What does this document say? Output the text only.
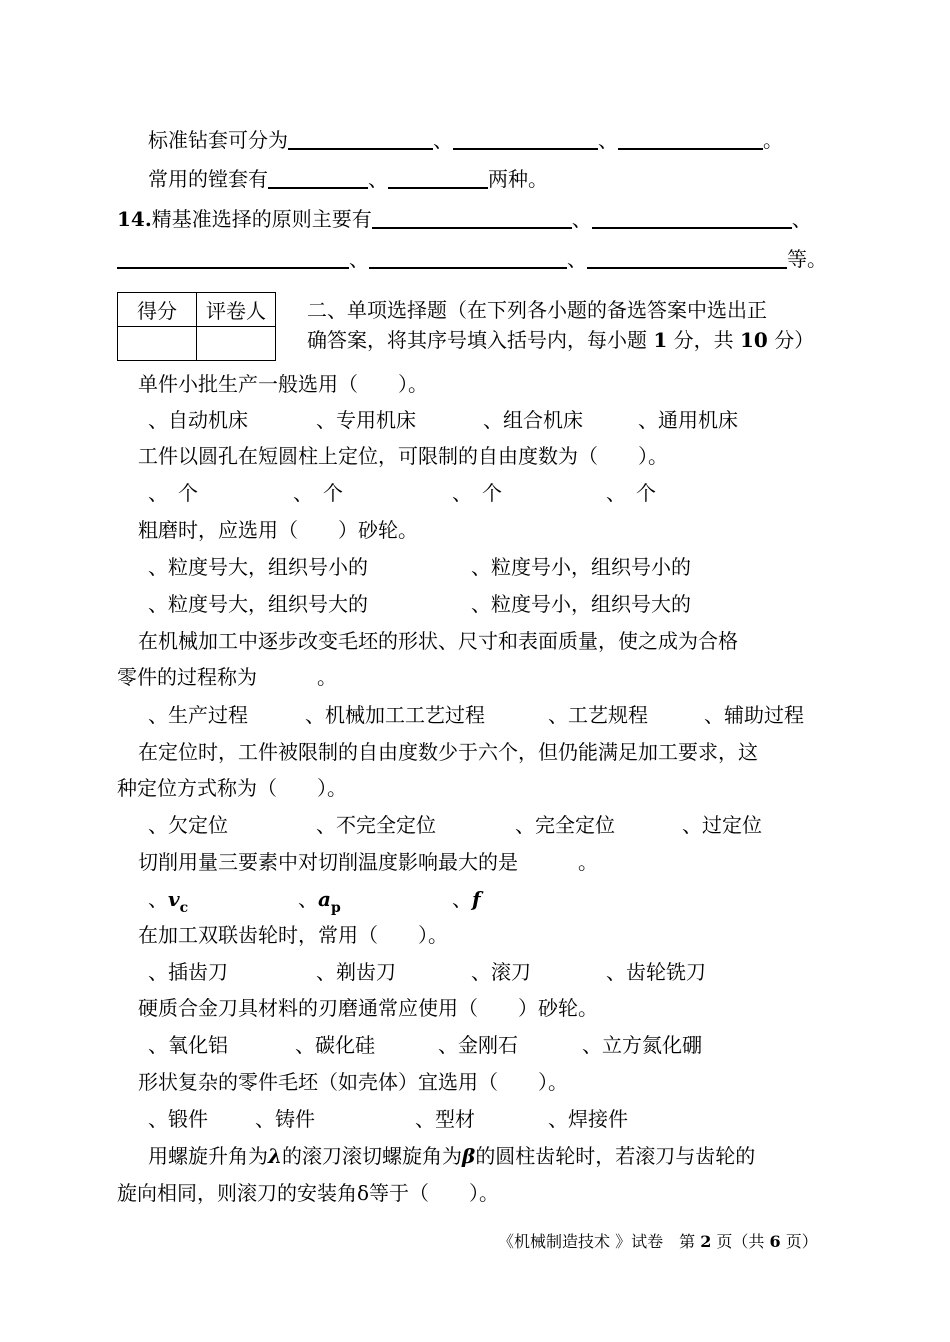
标准钻套可分为	、	、	。
常用的镗套有	、	两种。
14.精基准选择的原则主要有	、	、
、	、	等。
得分	评卷人
	二、单项选择题（在下列各小题的备选答案中选出正
确答案，将其序号填入括号内，每小题 1 分，共 10 分）
单件小批生产一般选用（　　）。
、自动机床	、专用机床	、组合机床	、通用机床
工件以圆孔在短圆柱上定位，可限制的自由度数为（　　）。
、　个	、　个	、　个	、　个
粗磨时，应选用（　　）砂轮。
、粒度号大，组织号小的	、粒度号小，组织号小的
、粒度号大，组织号大的	、粒度号小，组织号大的
在机械加工中逐步改变毛坯的形状、尺寸和表面质量，使之成为合格
零件的过程称为　　　。
、生产过程	、机械加工工艺过程	、工艺规程	、辅助过程
在定位时，工件被限制的自由度数少于六个，但仍能满足加工要求，这
种定位方式称为（　　）。
、欠定位	、不完全定位	、完全定位	、过定位
切削用量三要素中对切削温度影响最大的是　　　。
、$v_c$	、$a_p$	、f
在加工双联齿轮时，常用（　　）。
、插齿刀	、剃齿刀	、滚刀	、齿轮铣刀
硬质合金刀具材料的刃磨通常应使用（　　）砂轮。
、氧化铝	、碳化硅	、金刚石	、立方氮化硼
形状复杂的零件毛坯（如壳体）宜选用（　　）。
、锻件 、铸件	、型材	、焊接件
用螺旋升角为λ的滚刀滚切螺旋角为β的圆柱齿轮时，若滚刀与齿轮的
旋向相同，则滚刀的安装角δ等于（　　）。
《机械制造技术 》试卷　第 2 页（共 6 页）
